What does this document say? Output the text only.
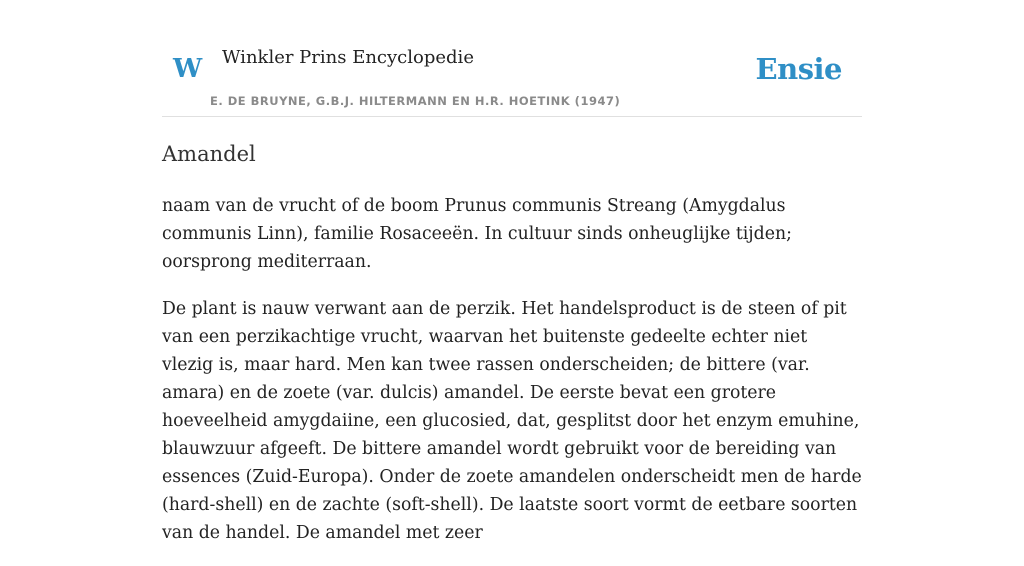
W Winkler Prins Encyclopedie
E. DE BRUYNE, G.B.J. HILTERMANN EN H.R. HOETINK (1947)
Ensie
Amandel

naam van de vrucht of de boom Prunus communis Streang (Amygdalus communis Linn), familie Rosaceeën. In cultuur sinds onheuglijke tijden; oorsprong mediterraan.

De plant is nauw verwant aan de perzik. Het handelsproduct is de steen of pit van een perzikachtige vrucht, waarvan het buitenste gedeelte echter niet vlezig is, maar hard. Men kan twee rassen onderscheiden; de bittere (var. amara) en de zoete (var. dulcis) amandel. De eerste bevat een grotere hoeveelheid amygdaiine, een glucosied, dat, gesplitst door het enzym emuhine, blauwzuur afgeeft. De bittere amandel wordt gebruikt voor de bereiding van essences (Zuid-Europa). Onder de zoete amandelen onderscheidt men de harde (hard-shell) en de zachte (soft-shell). De laatste soort vormt de eetbare soorten van de handel. De amandel met zeer
